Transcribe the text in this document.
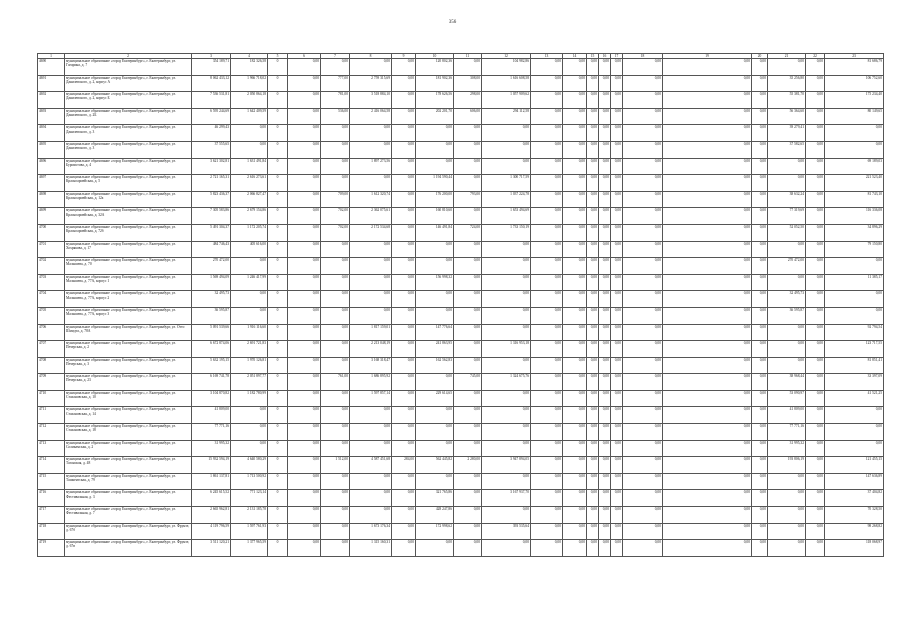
356
1	2	3	4	5	6	7	8	9	10	11	12	13	14	15	16	17	18	19	20	21	22	23
4690	муниципальное образование «город Екатеринбург», г. Екатеринбург, ул. Гагарина, д. 7	354 189,71	182 326,58	0	0,00	0,00	0,00	0,00	120 802,36	0,00	104 982,86	0,00	0,00	0,00	0,00	0,00	0,00	0,00	0,00	0,00	0,00	81 686,79
4691	муниципальное образование «город Екатеринбург», г. Екатеринбург, ул. Данилевского, д. 2, корпус А	8 062 433,12	1 966 718,02	0	0,00	777,00	2 759 315,69	0,00	181 902,36	308,00	1 616 608,58	0,00	0,00	0,00	0,00	0,00	0,00	0,00	0,00	35 256,80	0,00	106 752,60
4692	муниципальное образование «город Екатеринбург», г. Екатеринбург, ул. Данилевского, д. 2, корпус Б	7 536 531,81	2 050 864,18	0	0,00	781,00	3 518 884,10	0,00	178 626,56	298,00	1 057 909,62	0,00	0,00	0,00	0,00	0,00	0,00	0,00	0,00	55 381,70	0,00	175 234,40
4693	муниципальное образование «город Екатеринбург», г. Екатеринбург, ул. Данилевского, д. 2Б	6 595 244,69	1 642 409,59	0	0,00	536,00	2 416 064,58	0,00	202 201,70	606,00	294 112,58	0,00	0,00	0,00	0,00	0,00	0,00	0,00	0,00	56 364,60	0,00	80 149,65
4694	муниципальное образование «город Екатеринбург», г. Екатеринбург, ул. Данилевского, д. 3	46 299,43	0,00	0	0,00	0,00	0,00	0,00	0,00	0,00	0,00	0,00	0,00	0,00	0,00	0,00	0,00	0,00	0,00	39 279,41	0,00	0,00
4695	муниципальное образование «город Екатеринбург», г. Екатеринбург, ул. Данилевского, д. 3	37 555,65	0,00	0	0,00	0,00	0,00	0,00	0,00	0,00	0,00	0,00	0,00	0,00	0,00	0,00	0,00	0,00	0,00	37 582,65	0,00	0,00
4696	муниципальное образование «город Екатеринбург», г. Екатеринбург, ул. Бурмистова, д. 4	3 621 302,81	1 631 491,84	0	0,00	0,00	1 897 273,56	0,00	0,00	0,00	0,00	0,00	0,00	0,00	0,00	0,00	0,00	0,00	0,00	0,00	0,00	69 189,03
4697	муниципальное образование «город Екатеринбург», г. Екатеринбург, ул. Красноармейская, д. 5	2 721 165,31	2 616 273,61	0	0,00	0,00	0,00	0,00	1 194 590,44	0,00	1 300 717,59	0,00	0,00	0,00	0,00	0,00	0,00	0,00	0,00	0,00	0,00	221 523,40
4698	муниципальное образование «город Екатеринбург», г. Екатеринбург, ул. Красноармейская, д. 12а	5 823 436,37	2 066 827,47	0	0,00	709,00	1 612 320,74	0,00	176 200,00	793,00	1 037 224,78	0,00	0,00	0,00	0,00	0,00	0,00	0,00	0,00	38 632,24	0,00	81 743,10
4699	муниципальное образование «город Екатеринбург», г. Екатеринбург, ул. Красноармейская, д. 32А	7 305 583,86	2 679 154,86	0	0,00	702,00	2 362 075,61	0,00	160 810,60	0,00	1 653 494,69	0,00	0,00	0,00	0,00	0,00	0,00	0,00	0,00	77 319,69	0,00	116 336,08
4700	муниципальное образование «город Екатеринбург», г. Екатеринбург, ул. Красноармейская, д. 72б	5 491 304,37	1 172 205,74	0	0,00	702,00	2 172 534,68	0,00	146 491,84	724,00	1 733 150,19	0,00	0,00	0,00	0,00	0,00	0,00	0,00	0,00	52 052,50	0,00	34 896,29
4701	муниципальное образование «город Екатеринбург», г. Екатеринбург, ул. Хохрякова, д. 17	484 746,43	405 616,00	0	0,00	0,00	0,00	0,00	0,00	0,00	0,00	0,00	0,00	0,00	0,00	0,00	0,00	0,00	0,00	0,00	0,00	79 150,80
4702	муниципальное образование «город Екатеринбург», г. Екатеринбург, ул. Малышева, д. 70	270 472,00	0,00	0	0,00	0,00	0,00	0,00	0,00	0,00	0,00	0,00	0,00	0,00	0,00	0,00	0,00	0,00	0,00	270 472,00	0,00	0,00
4703	муниципальное образование «город Екатеринбург», г. Екатеринбург, ул. Малышева, д. 77А, корпус 1	1 569 494,09	1 246 417,99	0	0,00	0,00	0,00	0,00	156 998,32	0,00	0,00	0,00	0,00	0,00	0,00	0,00	0,00	0,00	0,00	0,00	0,00	11 385,17
4704	муниципальное образование «город Екатеринбург», г. Екатеринбург, ул. Малышева, д. 77А, корпус 2	32 495,73	0,00	0	0,00	0,00	0,00	0,00	0,00	0,00	0,00	0,00	0,00	0,00	0,00	0,00	0,00	0,00	0,00	32 495,73	0,00	0,00
4705	муниципальное образование «город Екатеринбург», г. Екатеринбург, ул. Малышева, д. 77А, корпус 3	36 595,87	0,00	0	0,00	0,00	0,00	0,00	0,00	0,00	0,00	0,00	0,00	0,00	0,00	0,00	0,00	0,00	0,00	36 595,87	0,00	0,00
4706	муниципальное образование «город Екатеринбург», г. Екатеринбург, ул. Отто Шмидта, д. 78А	5 091 539,66	1 916 116,60	0	0,00	0,00	1 817 159,01	0,00	147 776,64	0,00	0,00	0,00	0,00	0,00	0,00	0,00	0,00	0,00	0,00	0,00	0,00	92 794,54
4707	муниципальное образование «город Екатеринбург», г. Екатеринбург, ул. Печерская, д. 2	6 672 874,06	2 691 721,83	0	0,00	0,00	2 213 048,19	0,00	241 863,95	0,00	1 316 953,18	0,00	0,00	0,00	0,00	0,00	0,00	0,00	0,00	0,00	0,00	123 717,55
4708	муниципальное образование «город Екатеринбург», г. Екатеринбург, ул. Печерская, д. 3	5 632 195,15	1 970 126,81	0	0,00	0,00	3 168 318,47	0,00	162 562,83	0,00	0,00	0,00	0,00	0,00	0,00	0,00	0,00	0,00	0,00	0,00	0,00	81 851,41
4709	муниципальное образование «город Екатеринбург», г. Екатеринбург, ул. Печерская, д. 23	6 169 741,78	2 051 897,77	0	0,00	761,00	1 686 895,92	0,00	0,00	745,00	1 324 675,76	0,00	0,00	0,00	0,00	0,00	0,00	0,00	0,00	38 968,44	0,00	33 397,09
4710	муниципальное образование «город Екатеринбург», г. Екатеринбург, ул. Стахановская, д. 10	3 104 870,82	1 182 780,99	0	0,00	0,00	1 597 857,14	0,00	229 614,65	0,00	0,00	0,00	0,00	0,00	0,00	0,00	0,00	0,00	0,00	53 090,97	0,00	41 521,25
4711	муниципальное образование «город Екатеринбург», г. Екатеринбург, ул. Стахановская, д. 14	41 809,00	0,00	0	0,00	0,00	0,00	0,00	0,00	0,00	0,00	0,00	0,00	0,00	0,00	0,00	0,00	0,00	0,00	41 809,00	0,00	0,00
4712	муниципальное образование «город Екатеринбург», г. Екатеринбург, ул. Стахановская, д. 18	77 771,16	0,00	0	0,00	0,00	0,00	0,00	0,00	0,00	0,00	0,00	0,00	0,00	0,00	0,00	0,00	0,00	0,00	77 771,16	0,00	0,00
4713	муниципальное образование «город Екатеринбург», г. Екатеринбург, ул. Соликамская, д. 2	31 995,32	0,00	0	0,00	0,00	0,00	0,00	0,00	0,00	0,00	0,00	0,00	0,00	0,00	0,00	0,00	0,00	0,00	31 995,32	0,00	0,00
4714	муниципальное образование «город Екатеринбург», г. Екатеринбург, ул. Таганская, д. 48	15 932 594,19	4 640 580,29	0	0,00	1 512,00	4 587 451,68	284,00	562 445,82	2 280,00	3 947 894,05	0,00	0,00	0,00	0,00	0,00	0,00	0,00	0,00	193 806,19	0,00	121 455,15
4715	муниципальное образование «город Екатеринбург», г. Екатеринбург, ул. Ташкентская, д. 79	1 861 137,81	1 713 500,92	0	0,00	0,00	0,00	0,00	0,00	0,00	0,00	0,00	0,00	0,00	0,00	0,00	0,00	0,00	0,00	0,00	0,00	147 636,89
4716	муниципальное образование «город Екатеринбург», г. Екатеринбург, ул. Фестивальная, д. 3	6 245 615,52	771 123,14	0	0,00	0,00	0,00	0,00	321 765,86	0,00	3 167 937,70	0,00	0,00	0,00	0,00	0,00	0,00	0,00	0,00	0,00	0,00	37 404,82
4717	муниципальное образование «город Екатеринбург», г. Екатеринбург, ул. Фестивальная, д. 7	2 665 962,81	2 131 185,78	0	0,00	0,00	0,00	0,00	428 247,86	0,00	0,00	0,00	0,00	0,00	0,00	0,00	0,00	0,00	0,00	0,00	0,00	70 328,50
4718	муниципальное образование «город Екатеринбург», г. Екатеринбург, ул. Фрунзе, д. 67б	4 119 796,59	1 597 761,93	0	0,00	0,00	1 673 176,34	0,00	172 998,62	0,00	393 535,64	0,00	0,00	0,00	0,00	0,00	0,00	0,00	0,00	0,00	0,00	98 268,82
4719	муниципальное образование «город Екатеринбург», г. Екатеринбург, ул. Фрунзе, д. 67в	3 511 120,21	1 377 965,59	0	0,00	0,00	1 315 160,31	0,00	0,00	0,00	0,00	0,00	0,00	0,00	0,00	0,00	0,00	0,00	0,00	0,00	0,00	118 068,97
